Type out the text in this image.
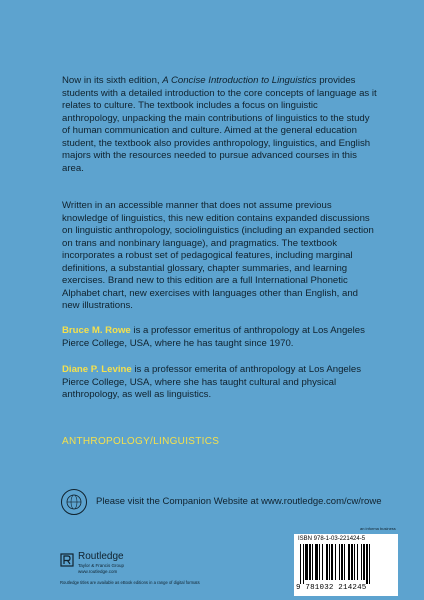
Now in its sixth edition, A Concise Introduction to Linguistics provides students with a detailed introduction to the core concepts of language as it relates to culture. The textbook includes a focus on linguistic anthropology, unpacking the main contributions of linguistics to the study of human communication and culture. Aimed at the general education student, the textbook also provides anthropology, linguistics, and English majors with the resources needed to pursue advanced courses in this area.

Written in an accessible manner that does not assume previous knowledge of linguistics, this new edition contains expanded discussions on linguistic anthropology, sociolinguistics (including an expanded section on trans and nonbinary language), and pragmatics. The textbook incorporates a robust set of pedagogical features, including marginal definitions, a substantial glossary, chapter summaries, and learning exercises. Brand new to this edition are a full International Phonetic Alphabet chart, new exercises with languages other than English, and new illustrations.

Bruce M. Rowe is a professor emeritus of anthropology at Los Angeles Pierce College, USA, where he has taught since 1970.

Diane P. Levine is a professor emerita of anthropology at Los Angeles Pierce College, USA, where she has taught cultural and physical anthropology, as well as linguistics.

ANTHROPOLOGY/LINGUISTICS
Please visit the Companion Website at www.routledge.com/cw/rowe
Routledge
Taylor & Francis Group
www.routledge.com
Routledge titles are available as eBook editions in a range of digital formats
an informa business
ISBN 978-1-03-221424-5
9 781032 214245
